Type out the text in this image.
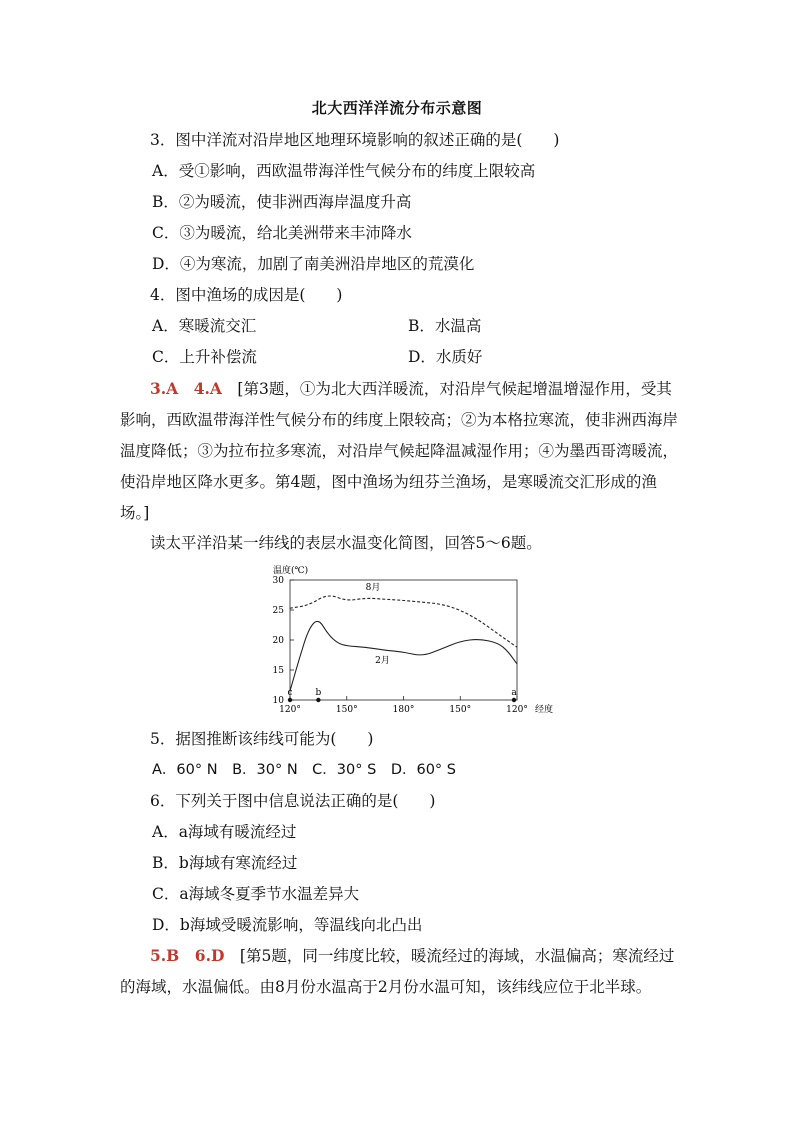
北大西洋洋流分布示意图
3．图中洋流对沿岸地区地理环境影响的叙述正确的是(　　)
A．受①影响，西欧温带海洋性气候分布的纬度上限较高
B．②为暖流，使非洲西海岸温度升高
C．③为暖流，给北美洲带来丰沛降水
D．④为寒流，加剧了南美洲沿岸地区的荒漠化
4．图中渔场的成因是(　　)
A．寒暖流交汇	B．水温高
C．上升补偿流	D．水质好
3.A　4.A　[第3题，①为北大西洋暖流，对沿岸气候起增温增湿作用，受其影响，西欧温带海洋性气候分布的纬度上限较高；②为本格拉寒流，使非洲西海岸温度降低；③为拉布拉多寒流，对沿岸气候起降温减湿作用；④为墨西哥湾暖流，使沿岸地区降水更多。第4题，图中渔场为纽芬兰渔场，是寒暖流交汇形成的渔场。]
读太平洋沿某一纬线的表层水温变化简图，回答5～6题。
温度(℃)
30
25
20
15
10
120°	150°	180°	150°	120°
8月
2月
c	b	a
经度
5．据图推断该纬线可能为(　　)
A．60° N　B．30° N　C．30° S　D．60° S
6．下列关于图中信息说法正确的是(　　)
A．a海域有暖流经过
B．b海域有寒流经过
C．a海域冬夏季节水温差异大
D．b海域受暖流影响，等温线向北凸出
5.B　6.D　[第5题，同一纬度比较，暖流经过的海域，水温偏高；寒流经过的海域，水温偏低。由8月份水温高于2月份水温可知，该纬线应位于北半球。
